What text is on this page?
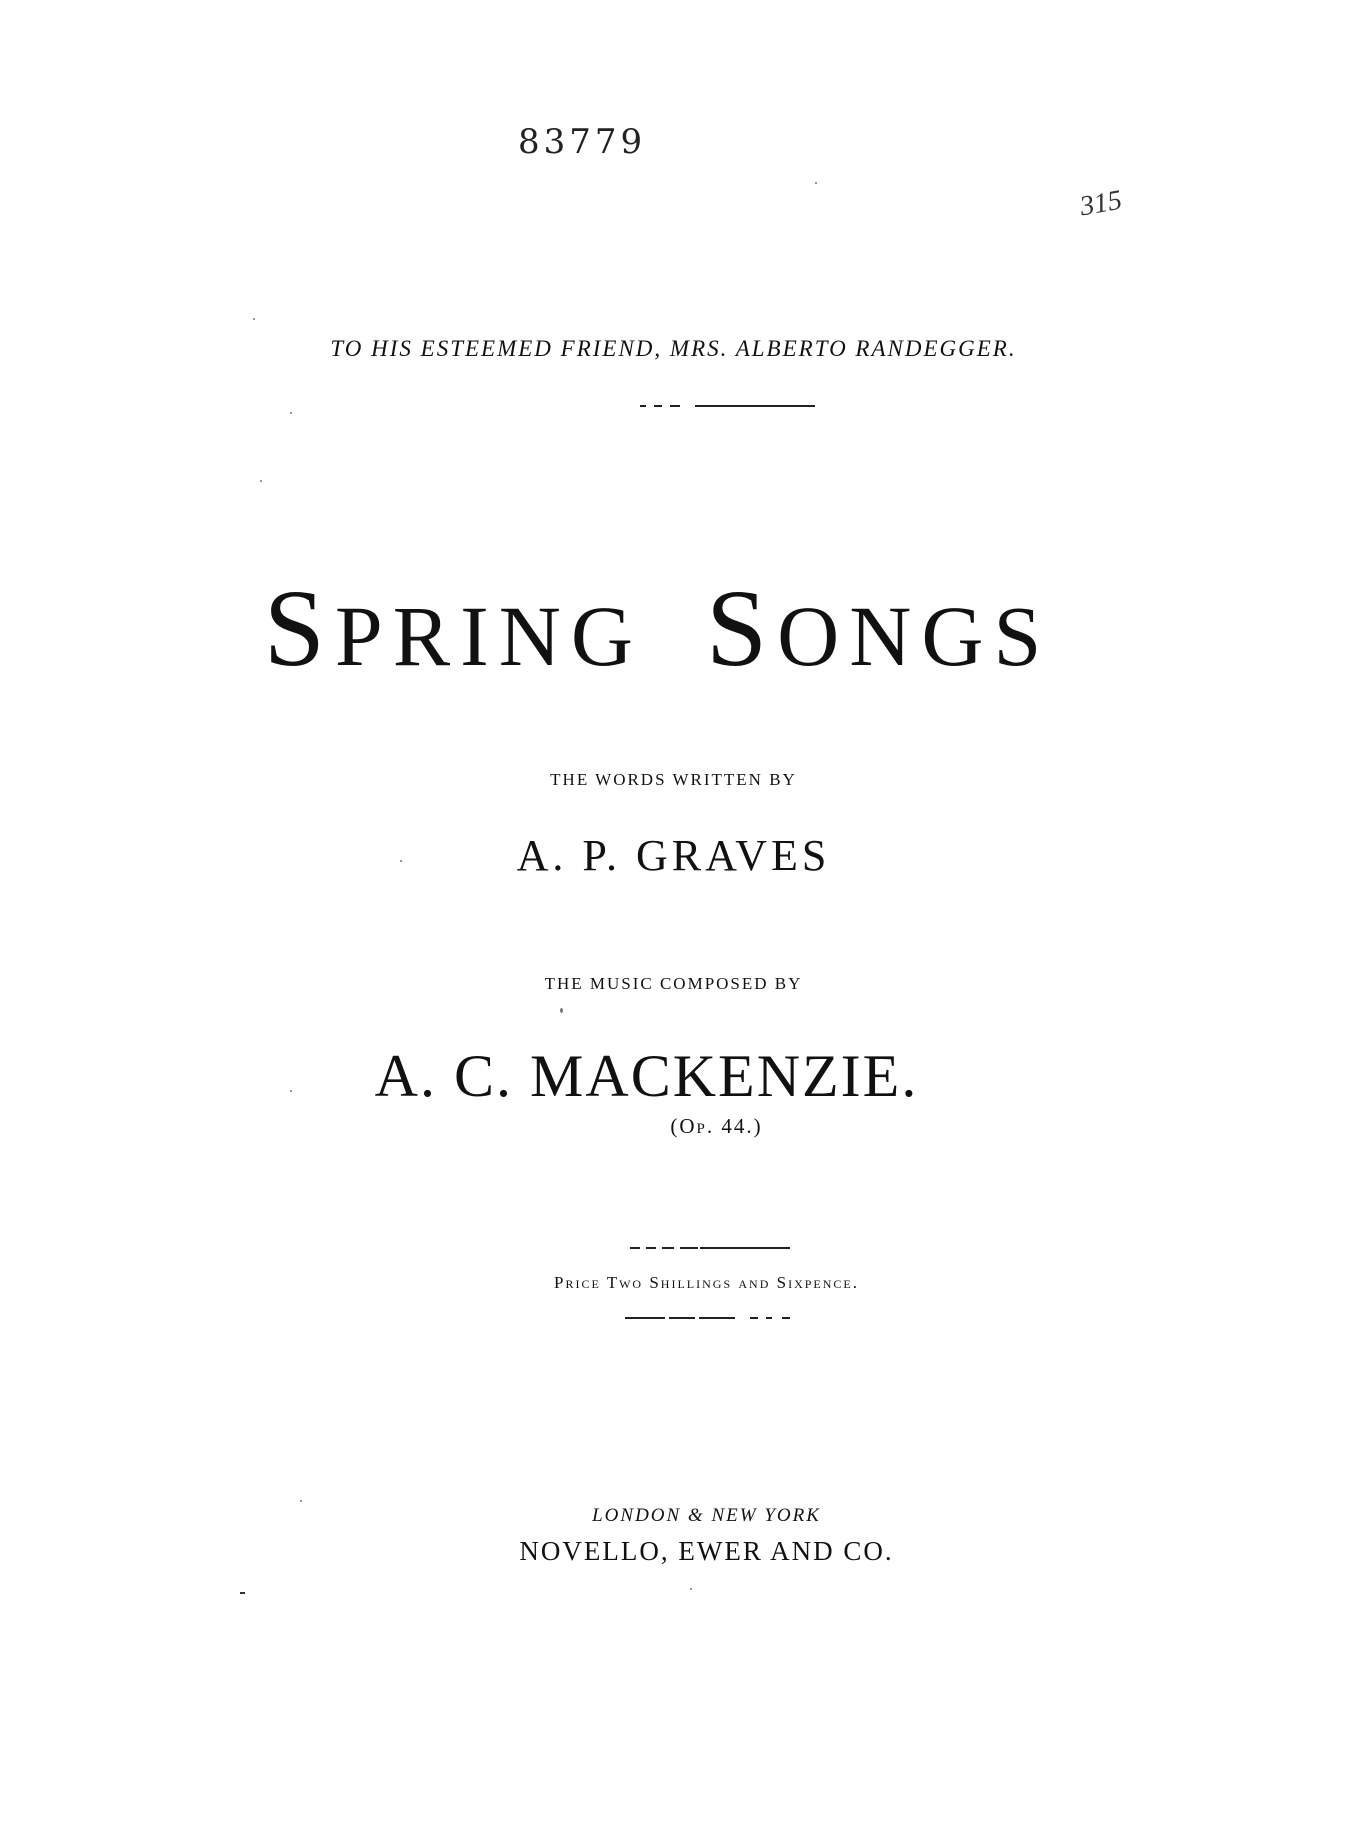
83779
315
TO HIS ESTEEMED FRIEND, MRS. ALBERTO RANDEGGER.
SPRING SONGS
THE WORDS WRITTEN BY
A. P. GRAVES
THE MUSIC COMPOSED BY
A. C. MACKENZIE.
(Op. 44.)
Price Two Shillings and Sixpence.
LONDON & NEW YORK
NOVELLO, EWER AND CO.
